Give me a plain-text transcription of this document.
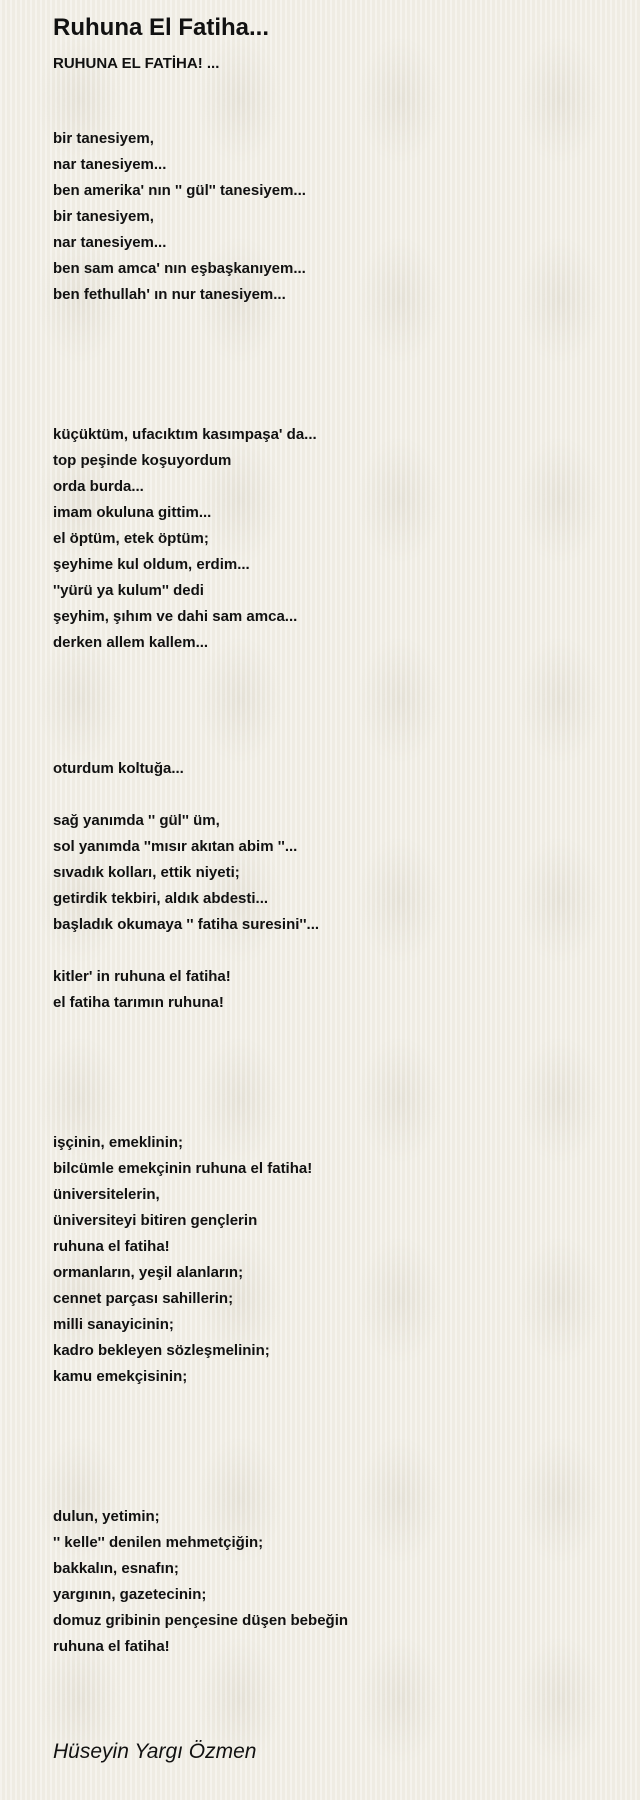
Ruhuna El Fatiha...
RUHUNA EL FATİHA! ...
bir tanesiyem,
nar tanesiyem...
ben amerika' nın '' gül'' tanesiyem...
bir tanesiyem,
nar tanesiyem...
ben sam amca' nın eşbaşkanıyem...
ben fethullah' ın nur tanesiyem...
küçüktüm, ufacıktım kasımpaşa' da...
top peşinde koşuyordum
orda burda...
imam okuluna gittim...
el öptüm, etek öptüm;
şeyhime kul oldum, erdim...
''yürü ya kulum'' dedi
şeyhim, şıhım ve dahi sam amca...
derken allem kallem...
oturdum koltuğa...
sağ yanımda '' gül'' üm,
sol yanımda ''mısır akıtan abim ''...
sıvadık kolları, ettik niyeti;
getirdik tekbiri, aldık abdesti...
başladık okumaya '' fatiha suresini''...
kitler' in ruhuna el fatiha!
el fatiha tarımın ruhuna!
işçinin, emeklinin;
bilcümle emekçinin ruhuna el fatiha!
üniversitelerin,
üniversiteyi bitiren gençlerin
ruhuna el fatiha!
ormanların, yeşil alanların;
cennet parçası sahillerin;
milli sanayicinin;
kadro bekleyen sözleşmelinin;
kamu emekçisinin;
dulun, yetimin;
'' kelle'' denilen mehmetçiğin;
bakkalın, esnafın;
yargının, gazetecinin;
domuz gribinin pençesine düşen bebeğin
ruhuna el fatiha!
Hüseyin Yargı Özmen
